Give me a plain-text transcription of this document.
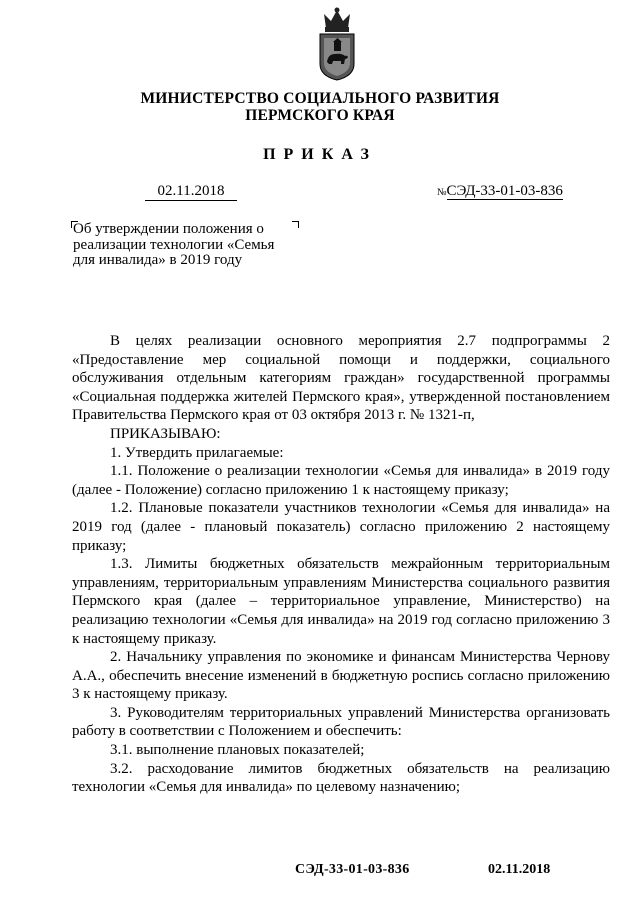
МИНИСТЕРСТВО СОЦИАЛЬНОГО РАЗВИТИЯ
ПЕРМСКОГО КРАЯ
ПРИКАЗ
02.11.2018	№СЭД-33-01-03-836
Об утверждении положения о реализации технологии «Семья для инвалида» в 2019 году

В целях реализации основного мероприятия 2.7 подпрограммы 2 «Предоставление мер социальной помощи и поддержки, социального обслуживания отдельным категориям граждан» государственной программы «Социальная поддержка жителей Пермского края», утвержденной постановлением Правительства Пермского края от 03 октября 2013 г. № 1321-п,

ПРИКАЗЫВАЮ:

1. Утвердить прилагаемые:

1.1. Положение о реализации технологии «Семья для инвалида» в 2019 году (далее - Положение) согласно приложению 1 к настоящему приказу;

1.2. Плановые показатели участников технологии «Семья для инвалида» на 2019 год (далее - плановый показатель) согласно приложению 2 настоящему приказу;

1.3. Лимиты бюджетных обязательств межрайонным территориальным управлениям, территориальным управлениям Министерства социального развития Пермского края (далее – территориальное управление, Министерство) на реализацию технологии «Семья для инвалида» на 2019 год согласно приложению 3 к настоящему приказу.

2. Начальнику управления по экономике и финансам Министерства Чернову А.А., обеспечить внесение изменений в бюджетную роспись согласно приложению 3 к настоящему приказу.

3. Руководителям территориальных управлений Министерства организовать работу в соответствии с Положением и обеспечить:

3.1. выполнение плановых показателей;

3.2. расходование лимитов бюджетных обязательств на реализацию технологии «Семья для инвалида» по целевому назначению;

СЭД-33-01-03-836	02.11.2018
